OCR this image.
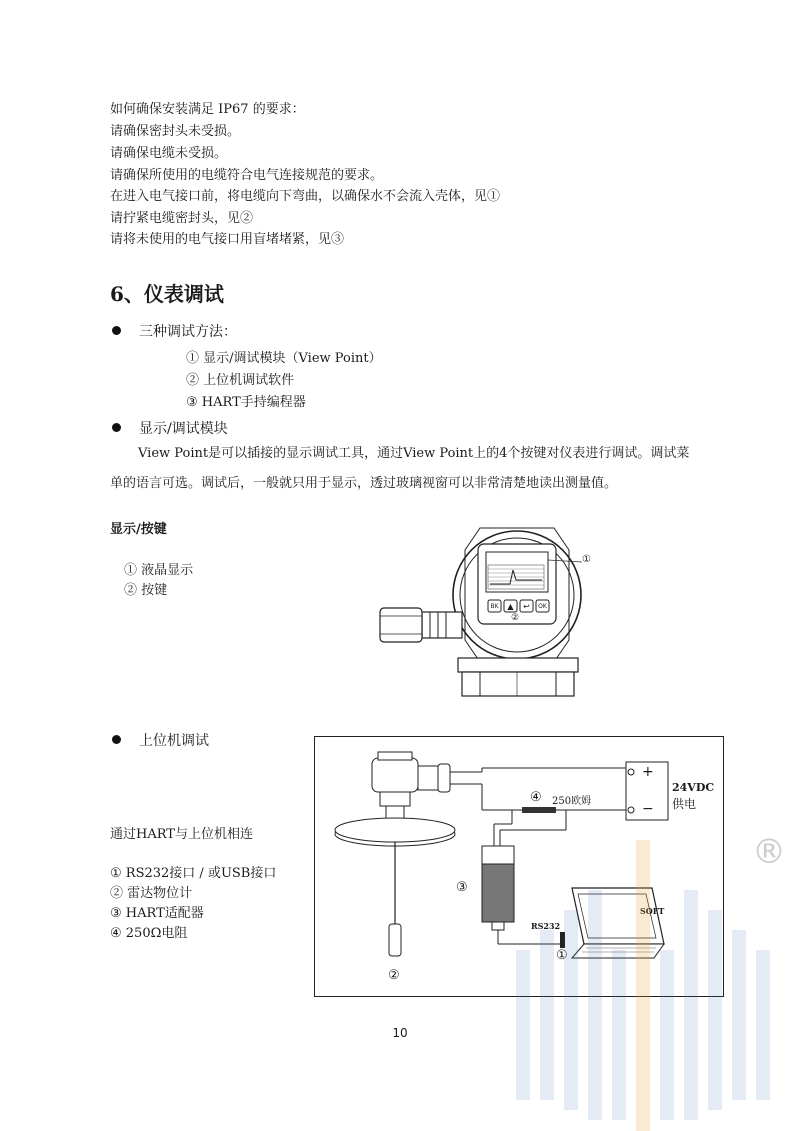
如何确保安装满足 IP67 的要求：
请确保密封头未受损。
请确保电缆未受损。
请确保所使用的电缆符合电气连接规范的要求。
在进入电气接口前，将电缆向下弯曲，以确保水不会流入壳体，见①
请拧紧电缆密封头，见②
请将未使用的电气接口用盲堵堵紧，见③
6、仪表调试
三种调试方法：
① 显示/调试模块（View Point）
② 上位机调试软件
③ HART手持编程器
显示/调试模块
View Point是可以插接的显示调试工具，通过View Point上的4个按键对仪表进行调试。调试菜单的语言可选。调试后，一般就只用于显示，透过玻璃视窗可以非常清楚地读出测量值。
显示/按键
① 液晶显示
② 按键
BK	▲	↩	OK
①
②
上位机调试
通过HART与上位机相连
① RS232接口 / 或USB接口
② 雷达物位计
③ HART适配器
④ 250Ω电阻
24VDC
供电
+
−
④ 250欧姆
③
RS232
①
②
SOFT
®
10
